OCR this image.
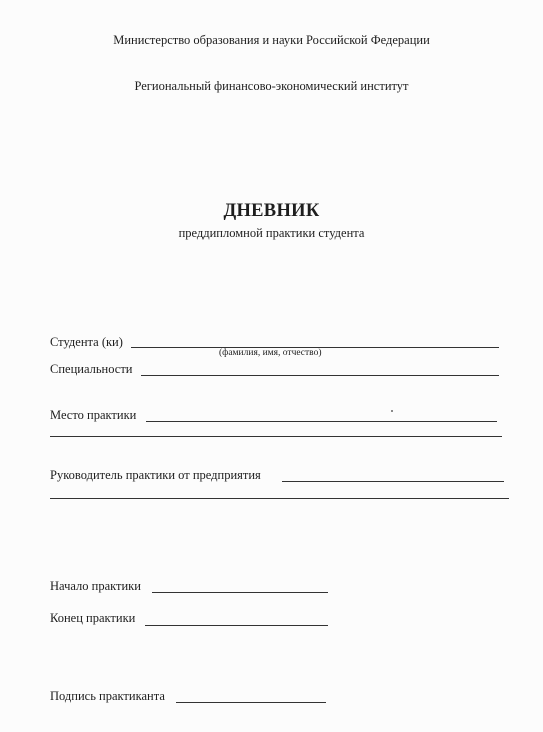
Министерство образования и науки Российской Федерации
Региональный финансово-экономический институт
ДНЕВНИК
преддипломной практики студента
Студента (ки)
(фамилия, имя, отчество)
Специальности
Место практики
Руководитель практики от предприятия
Начало практики
Конец практики
Подпись практиканта
